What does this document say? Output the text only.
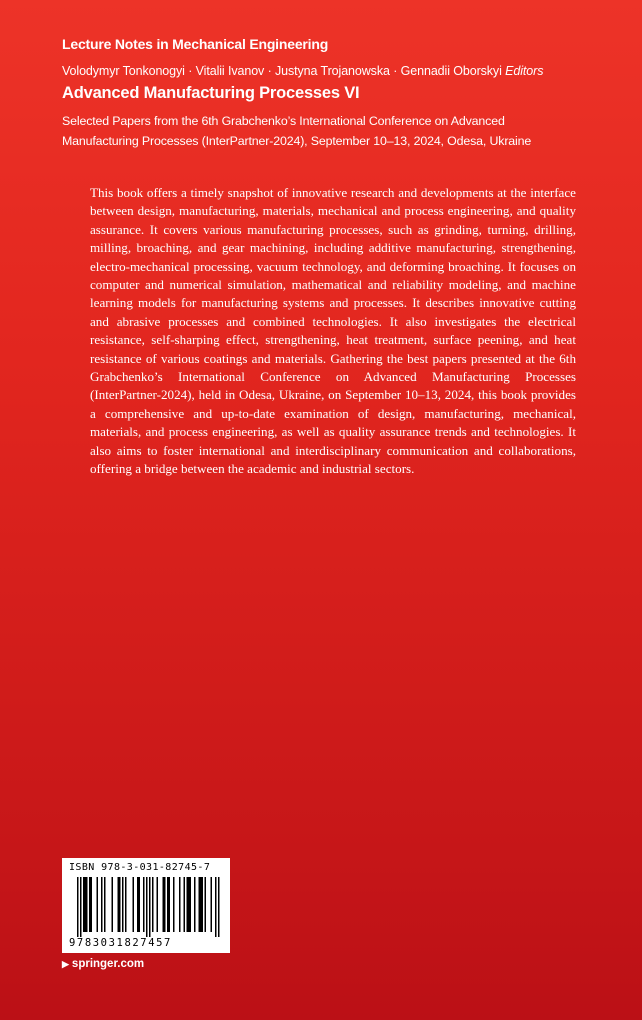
Lecture Notes in Mechanical Engineering
Volodymyr Tonkonogyi · Vitalii Ivanov · Justyna Trojanowska · Gennadii Oborskyi Editors
Advanced Manufacturing Processes VI
Selected Papers from the 6th Grabchenko’s International Conference on Advanced Manufacturing Processes (InterPartner-2024), September 10–13, 2024, Odesa, Ukraine
This book offers a timely snapshot of innovative research and developments at the interface between design, manufacturing, materials, mechanical and process engineering, and quality assurance. It covers various manufacturing processes, such as grinding, turning, drilling, milling, broaching, and gear machining, including additive manufacturing, strengthening, electro-mechanical processing, vacuum technology, and deforming broaching. It focuses on computer and numerical simulation, mathematical and reliability modeling, and machine learning models for manufacturing systems and processes. It describes innovative cutting and abrasive processes and combined technologies. It also investigates the electrical resistance, self-sharping effect, strengthening, heat treatment, surface peening, and heat resistance of various coatings and materials. Gathering the best papers presented at the 6th Grabchenko’s International Conference on Advanced Manufacturing Processes (InterPartner-2024), held in Odesa, Ukraine, on September 10–13, 2024, this book provides a comprehensive and up-to-date examination of design, manufacturing, mechanical, materials, and process engineering, as well as quality assurance trends and technologies. It also aims to foster international and interdisciplinary communication and collaborations, offering a bridge between the academic and industrial sectors.
ISBN 978-3-031-82745-7
9783031827457
▶ springer.com
